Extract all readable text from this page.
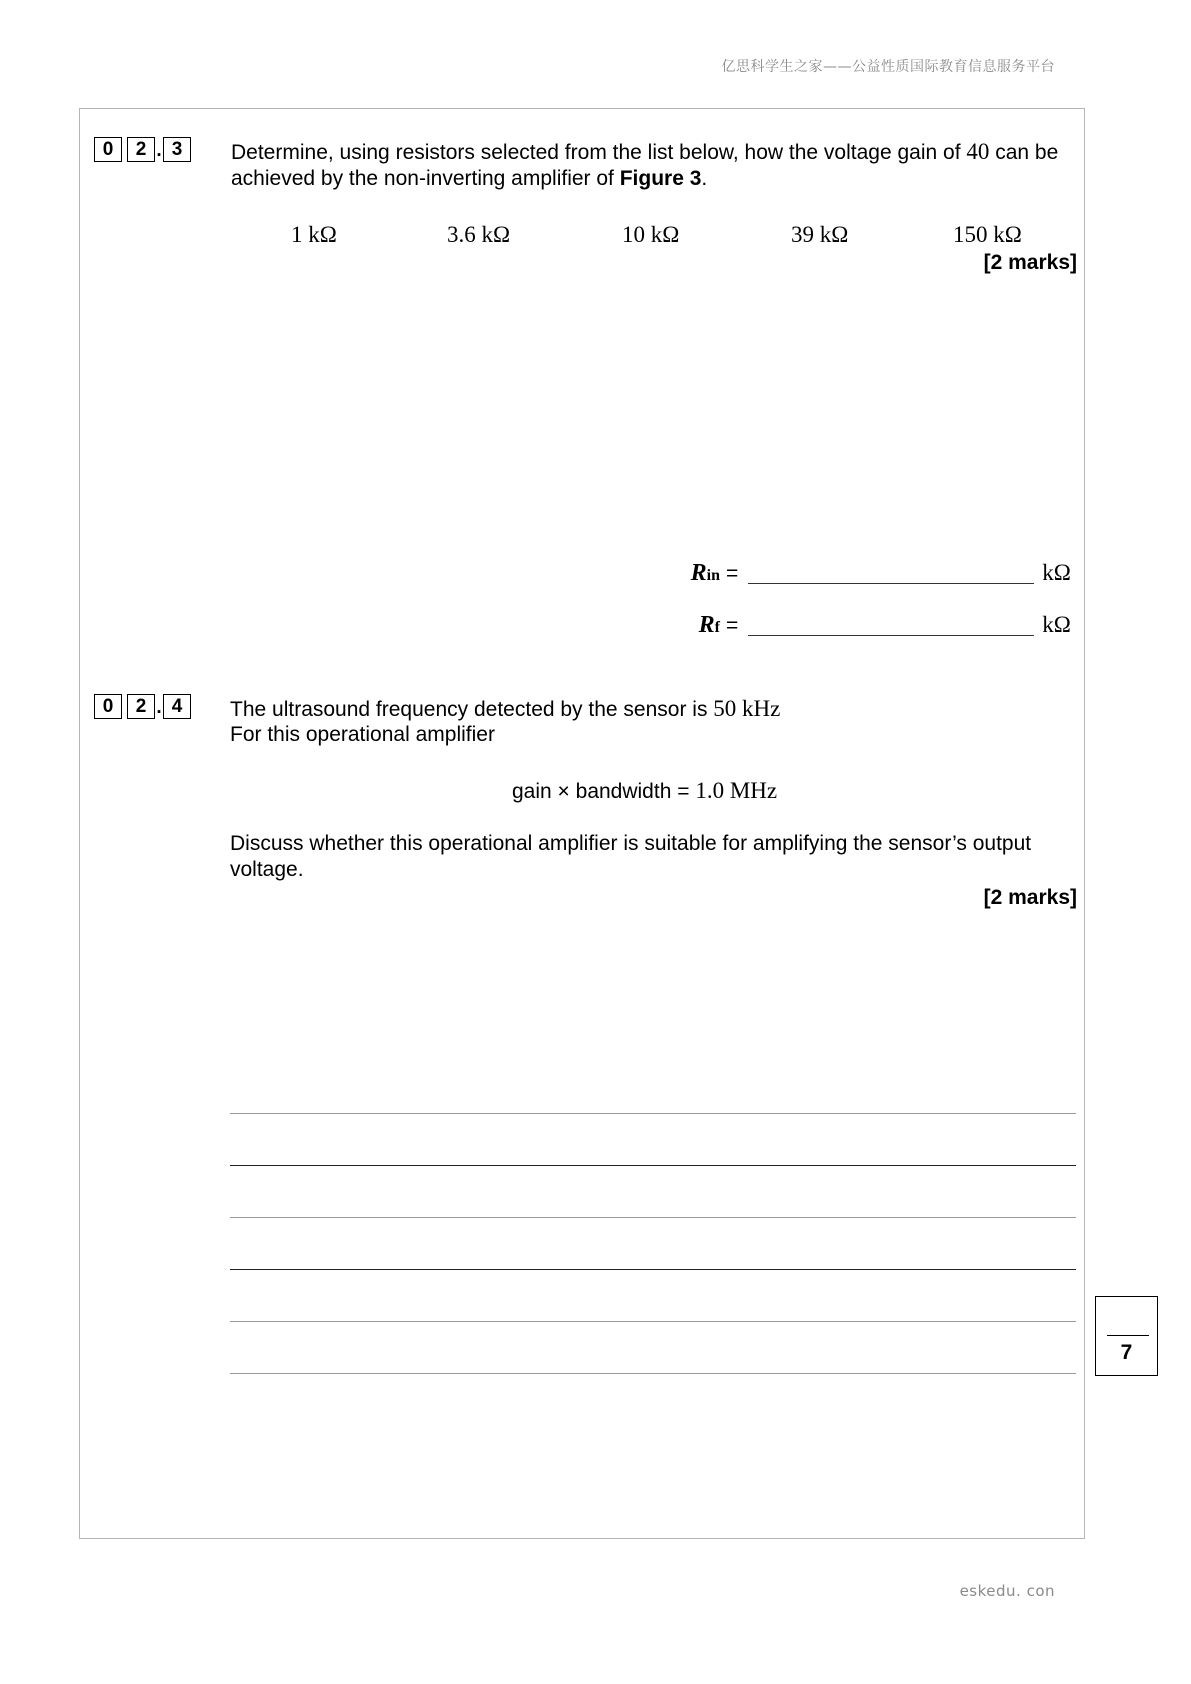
亿思科学生之家——公益性质国际教育信息服务平台
0	2 . 3	Determine, using resistors selected from the list below, how the voltage gain of 40 can be achieved by the non-inverting amplifier of Figure 3.
1 kΩ	3.6 kΩ	10 kΩ	39 kΩ	150 kΩ
[2 marks]
Rin =	kΩ
Rf =	kΩ
0	2 . 4	The ultrasound frequency detected by the sensor is 50 kHz
For this operational amplifier
gain × bandwidth = 1.0 MHz
Discuss whether this operational amplifier is suitable for amplifying the sensor’s output voltage.
[2 marks]
7
eskedu. con
